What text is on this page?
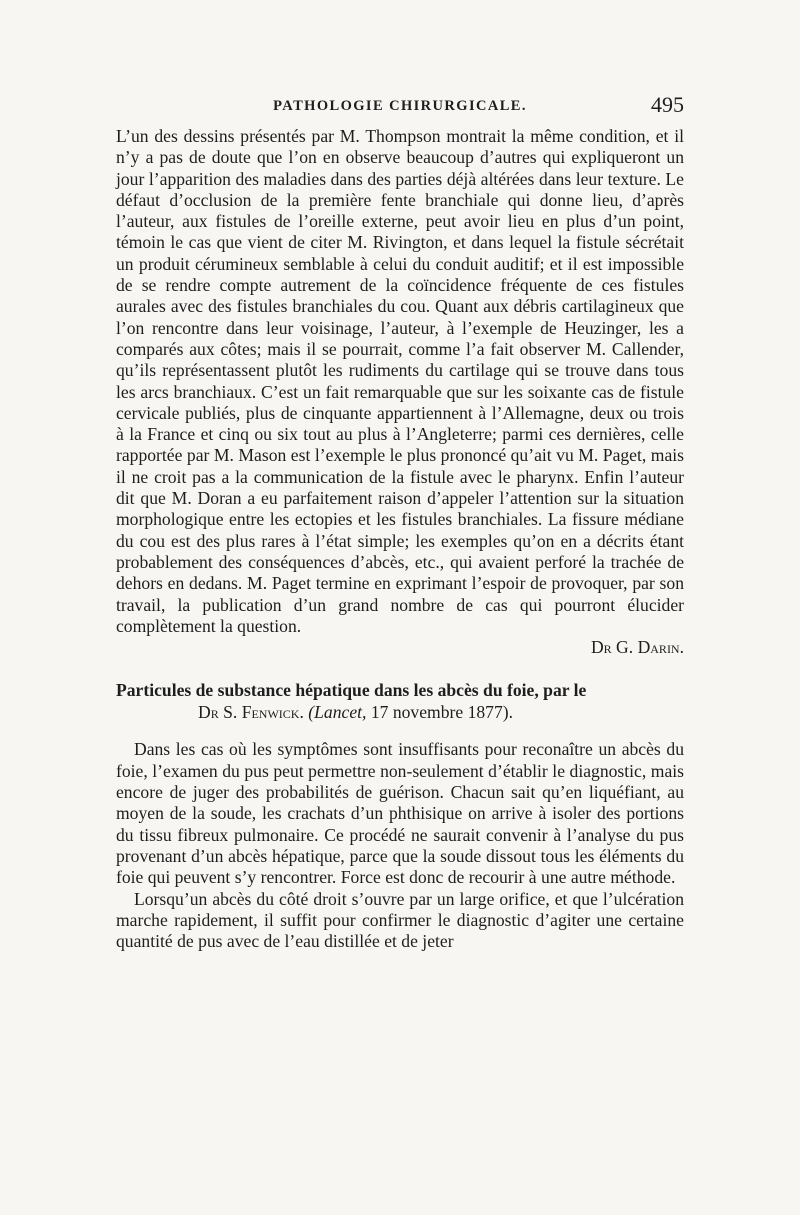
PATHOLOGIE CHIRURGICALE.	495

L’un des dessins présentés par M. Thompson montrait la même condition, et il n’y a pas de doute que l’on en observe beaucoup d’autres qui expliqueront un jour l’apparition des maladies dans des parties déjà altérées dans leur texture. Le défaut d’occlusion de la première fente branchiale qui donne lieu, d’après l’auteur, aux fistules de l’oreille externe, peut avoir lieu en plus d’un point, témoin le cas que vient de citer M. Rivington, et dans lequel la fistule sécrétait un produit cérumineux semblable à celui du conduit auditif; et il est impossible de se rendre compte autrement de la coïncidence fréquente de ces fistules aurales avec des fistules branchiales du cou. Quant aux débris cartilagineux que l’on rencontre dans leur voisinage, l’auteur, à l’exemple de Heuzinger, les a comparés aux côtes; mais il se pourrait, comme l’a fait observer M. Callender, qu’ils représentassent plutôt les rudiments du cartilage qui se trouve dans tous les arcs branchiaux. C’est un fait remarquable que sur les soixante cas de fistule cervicale publiés, plus de cinquante appartiennent à l’Allemagne, deux ou trois à la France et cinq ou six tout au plus à l’Angleterre; parmi ces dernières, celle rapportée par M. Mason est l’exemple le plus prononcé qu’ait vu M. Paget, mais il ne croit pas a la communication de la fistule avec le pharynx. Enfin l’auteur dit que M. Doran a eu parfaitement raison d’appeler l’attention sur la situation morphologique entre les ectopies et les fistules branchiales. La fissure médiane du cou est des plus rares à l’état simple; les exemples qu’on en a décrits étant probablement des conséquences d’abcès, etc., qui avaient perforé la trachée de dehors en dedans. M. Paget termine en exprimant l’espoir de provoquer, par son travail, la publication d’un grand nombre de cas qui pourront élucider complètement la question.

Dr G. Darin.
Particules de substance hépatique dans les abcès du foie, par le
Dr S. Fenwick. (Lancet, 17 novembre 1877).

Dans les cas où les symptômes sont insuffisants pour reconaître un abcès du foie, l’examen du pus peut permettre non-seulement d’établir le diagnostic, mais encore de juger des probabilités de guérison. Chacun sait qu’en liquéfiant, au moyen de la soude, les crachats d’un phthisique on arrive à isoler des portions du tissu fibreux pulmonaire. Ce procédé ne saurait convenir à l’analyse du pus provenant d’un abcès hépatique, parce que la soude dissout tous les éléments du foie qui peuvent s’y rencontrer. Force est donc de recourir à une autre méthode.

Lorsqu’un abcès du côté droit s’ouvre par un large orifice, et que l’ulcération marche rapidement, il suffit pour confirmer le diagnostic d’agiter une certaine quantité de pus avec de l’eau distillée et de jeter
